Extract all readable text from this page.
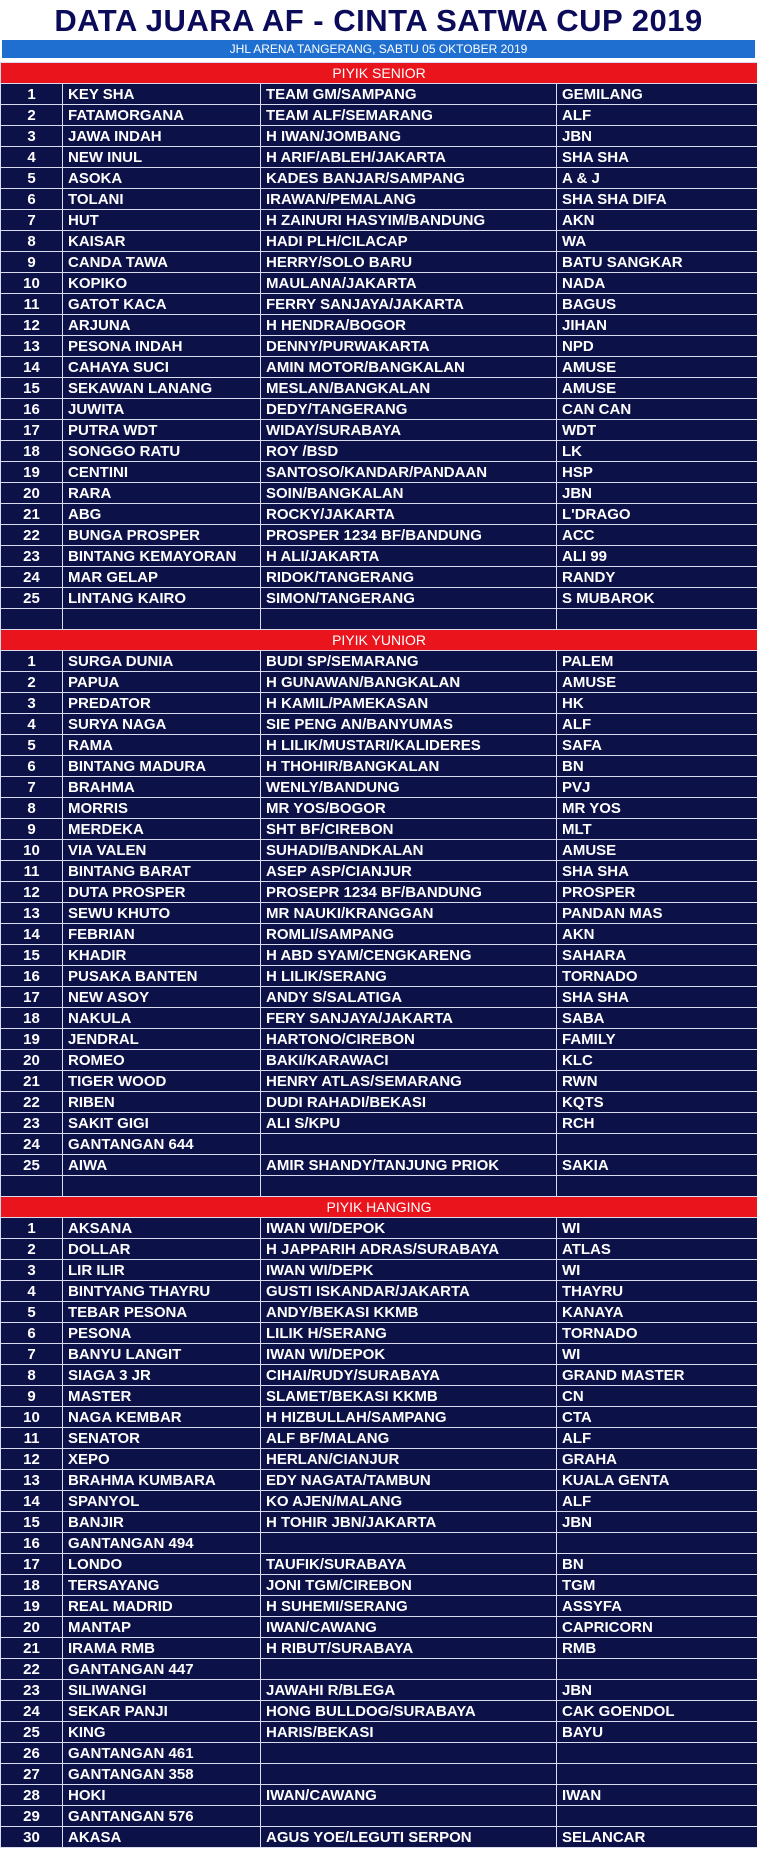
DATA JUARA AF - CINTA SATWA CUP 2019
JHL ARENA TANGERANG, SABTU 05 OKTOBER 2019
PIYIK SENIOR			
1	KEY SHA	TEAM GM/SAMPANG	GEMILANG
2	FATAMORGANA	TEAM ALF/SEMARANG	ALF
3	JAWA INDAH	H IWAN/JOMBANG	JBN
4	NEW INUL	H ARIF/ABLEH/JAKARTA	SHA SHA
5	ASOKA	KADES BANJAR/SAMPANG	A & J
6	TOLANI	IRAWAN/PEMALANG	SHA SHA DIFA
7	HUT	H ZAINURI HASYIM/BANDUNG	AKN
8	KAISAR	HADI PLH/CILACAP	WA
9	CANDA TAWA	HERRY/SOLO BARU	BATU SANGKAR
10	KOPIKO	MAULANA/JAKARTA	NADA
11	GATOT KACA	FERRY SANJAYA/JAKARTA	BAGUS
12	ARJUNA	H HENDRA/BOGOR	JIHAN
13	PESONA INDAH	DENNY/PURWAKARTA	NPD
14	CAHAYA SUCI	AMIN MOTOR/BANGKALAN	AMUSE
15	SEKAWAN LANANG	MESLAN/BANGKALAN	AMUSE
16	JUWITA	DEDY/TANGERANG	CAN CAN
17	PUTRA WDT	WIDAY/SURABAYA	WDT
18	SONGGO RATU	ROY /BSD	LK
19	CENTINI	SANTOSO/KANDAR/PANDAAN	HSP
20	RARA	SOIN/BANGKALAN	JBN
21	ABG	ROCKY/JAKARTA	L'DRAGO
22	BUNGA PROSPER	PROSPER 1234 BF/BANDUNG	ACC
23	BINTANG KEMAYORAN	H ALI/JAKARTA	ALI 99
24	MAR GELAP	RIDOK/TANGERANG	RANDY
25	LINTANG KAIRO	SIMON/TANGERANG	S MUBAROK

PIYIK YUNIOR			
1	SURGA DUNIA	BUDI SP/SEMARANG	PALEM
2	PAPUA	H GUNAWAN/BANGKALAN	AMUSE
3	PREDATOR	H KAMIL/PAMEKASAN	HK
4	SURYA NAGA	SIE PENG AN/BANYUMAS	ALF
5	RAMA	H LILIK/MUSTARI/KALIDERES	SAFA
6	BINTANG MADURA	H THOHIR/BANGKALAN	BN
7	BRAHMA	WENLY/BANDUNG	PVJ
8	MORRIS	MR YOS/BOGOR	MR YOS
9	MERDEKA	SHT BF/CIREBON	MLT
10	VIA VALEN	SUHADI/BANDKALAN	AMUSE
11	BINTANG BARAT	ASEP ASP/CIANJUR	SHA SHA
12	DUTA PROSPER	PROSEPR 1234 BF/BANDUNG	PROSPER
13	SEWU KHUTO	MR NAUKI/KRANGGAN	PANDAN MAS
14	FEBRIAN	ROMLI/SAMPANG	AKN
15	KHADIR	H ABD SYAM/CENGKARENG	SAHARA
16	PUSAKA BANTEN	H LILIK/SERANG	TORNADO
17	NEW ASOY	ANDY S/SALATIGA	SHA SHA
18	NAKULA	FERY SANJAYA/JAKARTA	SABA
19	JENDRAL	HARTONO/CIREBON	FAMILY
20	ROMEO	BAKI/KARAWACI	KLC
21	TIGER WOOD	HENRY ATLAS/SEMARANG	RWN
22	RIBEN	DUDI RAHADI/BEKASI	KQTS
23	SAKIT GIGI	ALI S/KPU	RCH
24	GANTANGAN 644		
25	AIWA	AMIR SHANDY/TANJUNG PRIOK	SAKIA

PIYIK HANGING			
1	AKSANA	IWAN WI/DEPOK	WI
2	DOLLAR	H JAPPARIH ADRAS/SURABAYA	ATLAS
3	LIR ILIR	IWAN WI/DEPK	WI
4	BINTYANG THAYRU	GUSTI ISKANDAR/JAKARTA	THAYRU
5	TEBAR PESONA	ANDY/BEKASI KKMB	KANAYA
6	PESONA	LILIK H/SERANG	TORNADO
7	BANYU LANGIT	IWAN WI/DEPOK	WI
8	SIAGA 3 JR	CIHAI/RUDY/SURABAYA	GRAND MASTER
9	MASTER	SLAMET/BEKASI KKMB	CN
10	NAGA KEMBAR	H HIZBULLAH/SAMPANG	CTA
11	SENATOR	ALF BF/MALANG	ALF
12	XEPO	HERLAN/CIANJUR	GRAHA
13	BRAHMA KUMBARA	EDY NAGATA/TAMBUN	KUALA GENTA
14	SPANYOL	KO AJEN/MALANG	ALF
15	BANJIR	H TOHIR JBN/JAKARTA	JBN
16	GANTANGAN 494		
17	LONDO	TAUFIK/SURABAYA	BN
18	TERSAYANG	JONI TGM/CIREBON	TGM
19	REAL MADRID	H SUHEMI/SERANG	ASSYFA
20	MANTAP	IWAN/CAWANG	CAPRICORN
21	IRAMA RMB	H RIBUT/SURABAYA	RMB
22	GANTANGAN 447		
23	SILIWANGI	JAWAHI R/BLEGA	JBN
24	SEKAR PANJI	HONG BULLDOG/SURABAYA	CAK GOENDOL
25	KING	HARIS/BEKASI	BAYU
26	GANTANGAN 461		
27	GANTANGAN 358		
28	HOKI	IWAN/CAWANG	IWAN
29	GANTANGAN 576		
30	AKASA	AGUS YOE/LEGUTI SERPON	SELANCAR
